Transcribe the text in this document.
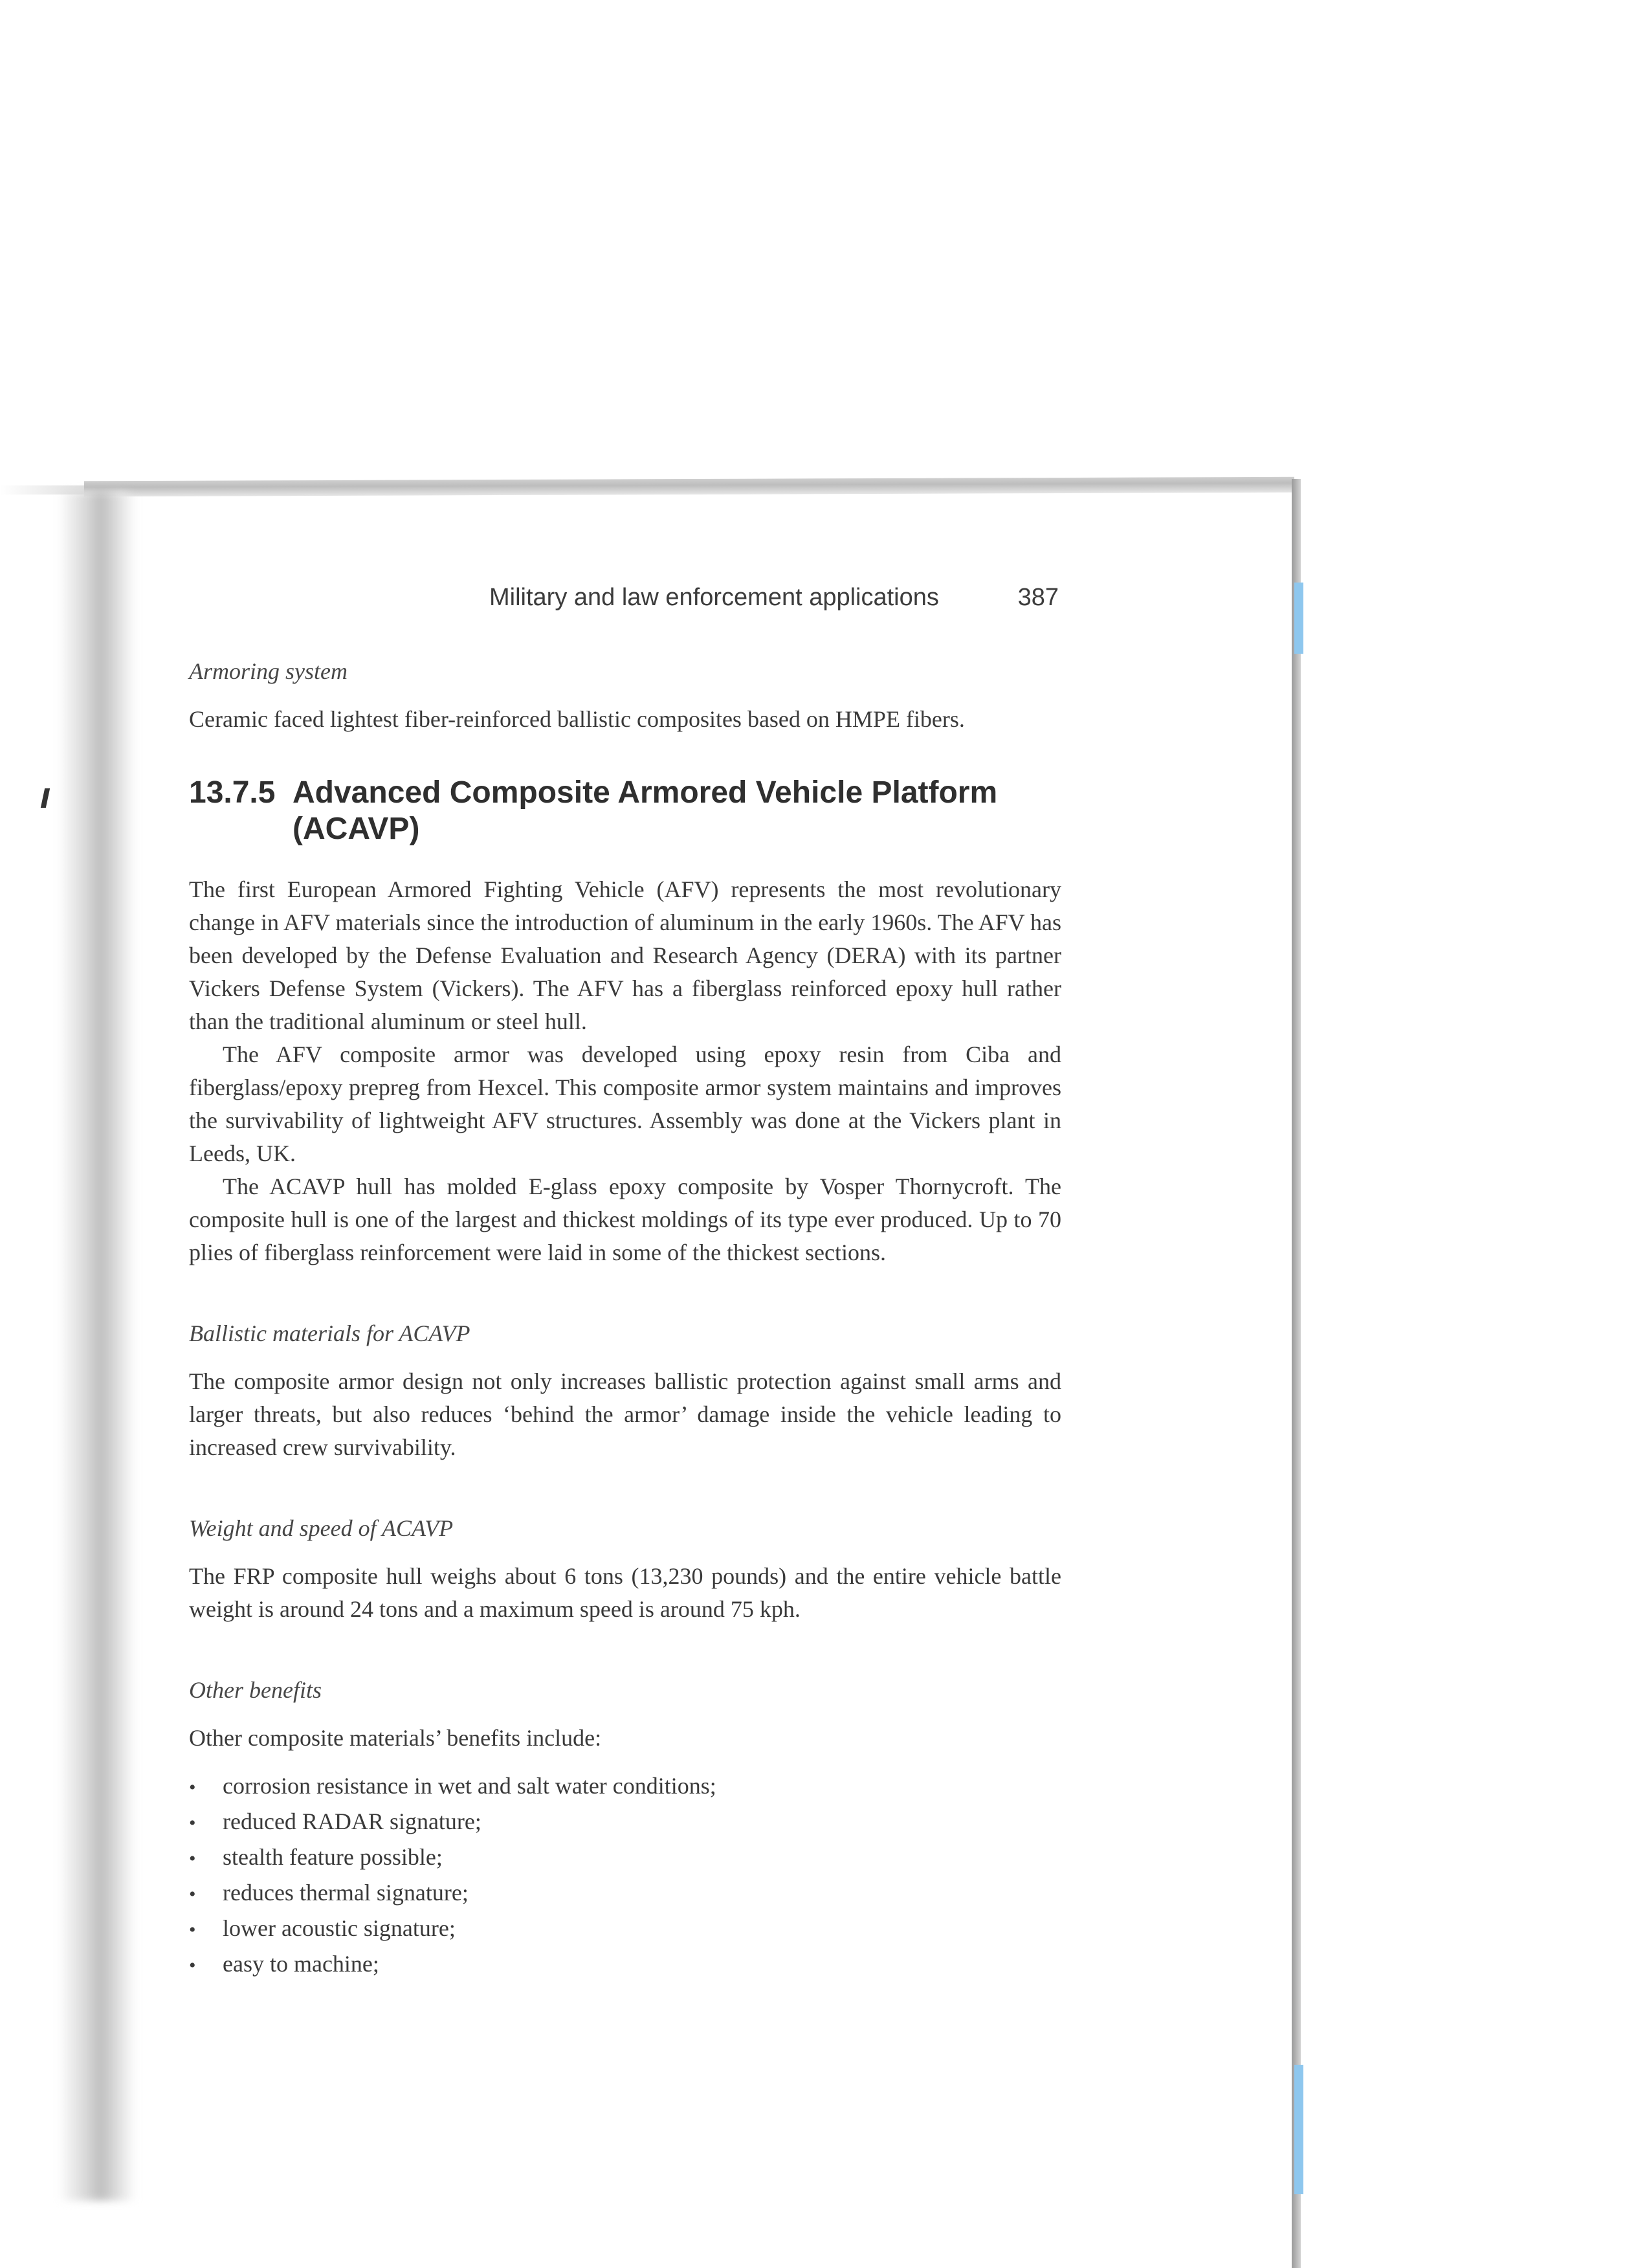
Military and law enforcement applications	387

Armoring system

Ceramic faced lightest fiber-reinforced ballistic composites based on HMPE fibers.

13.7.5 Advanced Composite Armored Vehicle Platform (ACAVP)

The first European Armored Fighting Vehicle (AFV) represents the most revolutionary change in AFV materials since the introduction of aluminum in the early 1960s. The AFV has been developed by the Defense Evaluation and Research Agency (DERA) with its partner Vickers Defense System (Vickers). The AFV has a fiberglass reinforced epoxy hull rather than the traditional aluminum or steel hull.

The AFV composite armor was developed using epoxy resin from Ciba and fiberglass/epoxy prepreg from Hexcel. This composite armor system maintains and improves the survivability of lightweight AFV structures. Assembly was done at the Vickers plant in Leeds, UK.

The ACAVP hull has molded E-glass epoxy composite by Vosper Thornycroft. The composite hull is one of the largest and thickest moldings of its type ever produced. Up to 70 plies of fiberglass reinforcement were laid in some of the thickest sections.

Ballistic materials for ACAVP

The composite armor design not only increases ballistic protection against small arms and larger threats, but also reduces ‘behind the armor’ damage inside the vehicle leading to increased crew survivability.

Weight and speed of ACAVP

The FRP composite hull weighs about 6 tons (13,230 pounds) and the entire vehicle battle weight is around 24 tons and a maximum speed is around 75 kph.

Other benefits

Other composite materials’ benefits include:

•	corrosion resistance in wet and salt water conditions;
•	reduced RADAR signature;
•	stealth feature possible;
•	reduces thermal signature;
•	lower acoustic signature;
•	easy to machine;
